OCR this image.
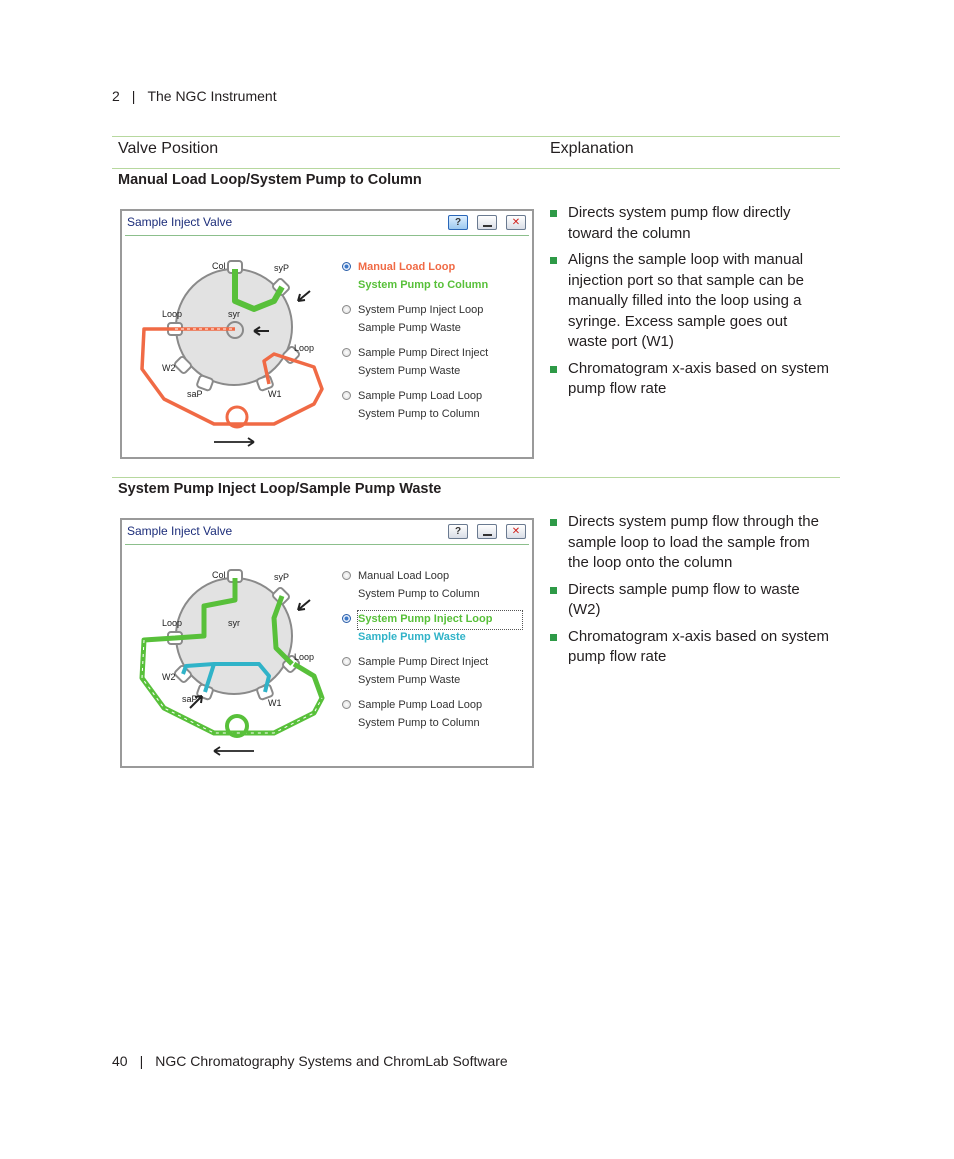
2 | The NGC Instrument
Valve Position	Explanation
Manual Load Loop/System Pump to Column
Sample Inject Valve	?	✕
Col	syP
Loop	syr
Loop
W2
saP	W1
Manual Load Loop
System Pump to Column
System Pump Inject Loop
Sample Pump Waste
Sample Pump Direct Inject
System Pump Waste
Sample Pump Load Loop
System Pump to Column
Directs system pump flow directly toward the column
Aligns the sample loop with manual injection port so that sample can be manually filled into the loop using a syringe. Excess sample goes out waste port (W1)
Chromatogram x-axis based on system pump flow rate
System Pump Inject Loop/Sample Pump Waste
Sample Inject Valve	?	✕
Col	syP
Loop	syr
Loop
W2
saP	W1
Manual Load Loop
System Pump to Column
System Pump Inject Loop
Sample Pump Waste
Sample Pump Direct Inject
System Pump Waste
Sample Pump Load Loop
System Pump to Column
Directs system pump flow through the sample loop to load the sample from the loop onto the column
Directs sample pump flow to waste (W2)
Chromatogram x-axis based on system pump flow rate
40 | NGC Chromatography Systems and ChromLab Software
